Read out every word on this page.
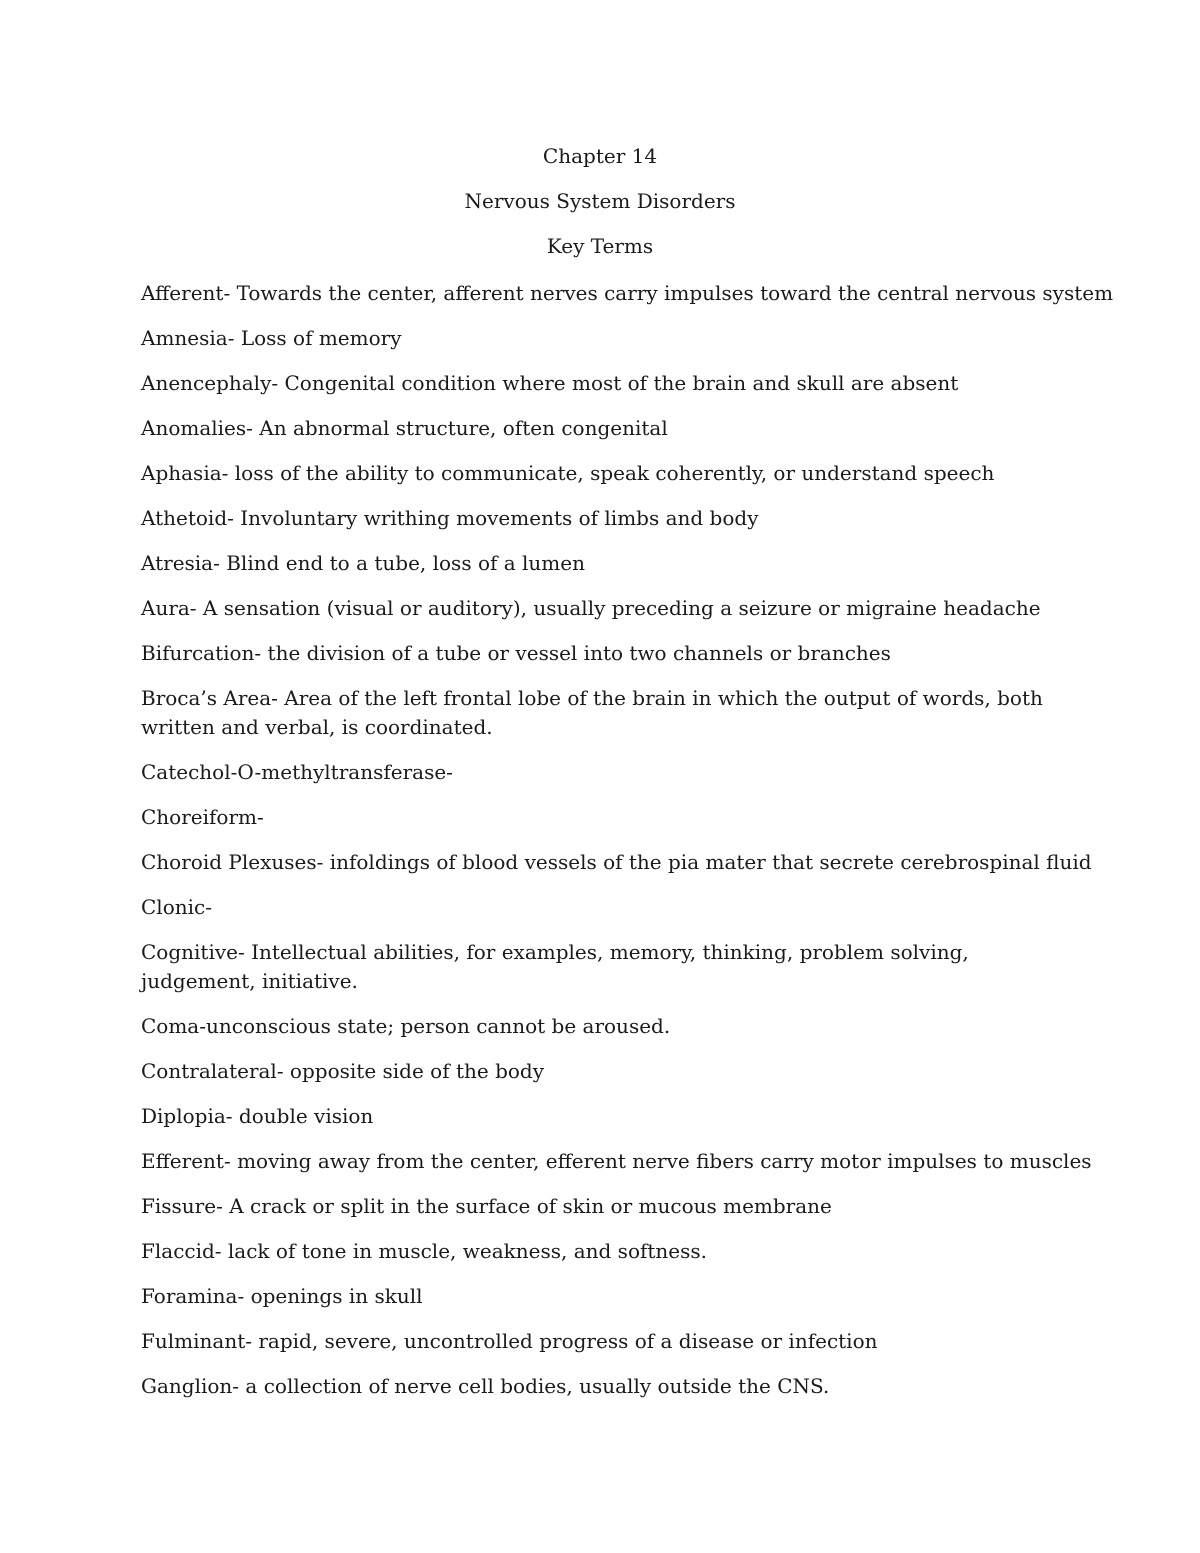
Chapter 14
Nervous System Disorders
Key Terms
Afferent- Towards the center, afferent nerves carry impulses toward the central nervous system
Amnesia- Loss of memory
Anencephaly- Congenital condition where most of the brain and skull are absent
Anomalies- An abnormal structure, often congenital
Aphasia- loss of the ability to communicate, speak coherently, or understand speech
Athetoid- Involuntary writhing movements of limbs and body
Atresia- Blind end to a tube, loss of a lumen
Aura- A sensation (visual or auditory), usually preceding a seizure or migraine headache
Bifurcation- the division of a tube or vessel into two channels or branches
Broca’s Area- Area of the left frontal lobe of the brain in which the output of words, both written and verbal, is coordinated.
Catechol-O-methyltransferase-
Choreiform-
Choroid Plexuses- infoldings of blood vessels of the pia mater that secrete cerebrospinal fluid
Clonic-
Cognitive- Intellectual abilities, for examples, memory, thinking, problem solving, judgement, initiative.
Coma-unconscious state; person cannot be aroused.
Contralateral- opposite side of the body
Diplopia- double vision
Efferent- moving away from the center, efferent nerve fibers carry motor impulses to muscles
Fissure- A crack or split in the surface of skin or mucous membrane
Flaccid- lack of tone in muscle, weakness, and softness.
Foramina- openings in skull
Fulminant- rapid, severe, uncontrolled progress of a disease or infection
Ganglion- a collection of nerve cell bodies, usually outside the CNS.
